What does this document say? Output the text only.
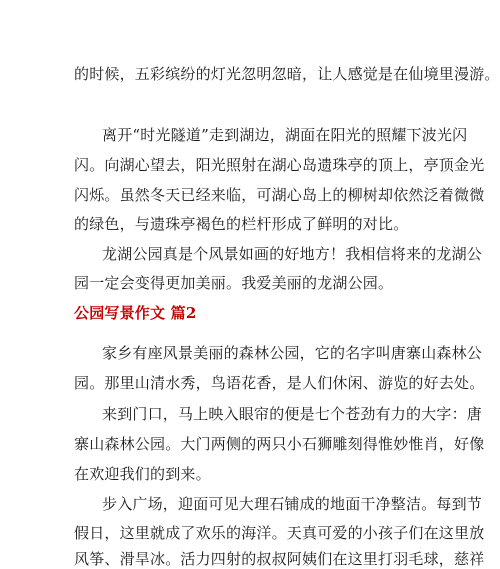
的时候，五彩缤纷的灯光忽明忽暗，让人感觉是在仙境里漫游。
离开“时光隧道”走到湖边，湖面在阳光的照耀下波光闪
闪。向湖心望去，阳光照射在湖心岛遗珠亭的顶上，亭顶金光
闪烁。虽然冬天已经来临，可湖心岛上的柳树却依然泛着微微
的绿色，与遗珠亭褐色的栏杆形成了鲜明的对比。
龙湖公园真是个风景如画的好地方！我相信将来的龙湖公
园一定会变得更加美丽。我爱美丽的龙湖公园。
公园写景作文 篇2
家乡有座风景美丽的森林公园，它的名字叫唐寨山森林公
园。那里山清水秀，鸟语花香，是人们休闲、游览的好去处。
来到门口，马上映入眼帘的便是七个苍劲有力的大字：唐
寨山森林公园。大门两侧的两只小石狮雕刻得惟妙惟肖，好像
在欢迎我们的到来。
步入广场，迎面可见大理石铺成的地面干净整洁。每到节
假日，这里就成了欢乐的海洋。天真可爱的小孩子们在这里放
风筝、滑旱冰。活力四射的叔叔阿姨们在这里打羽毛球，慈祥
